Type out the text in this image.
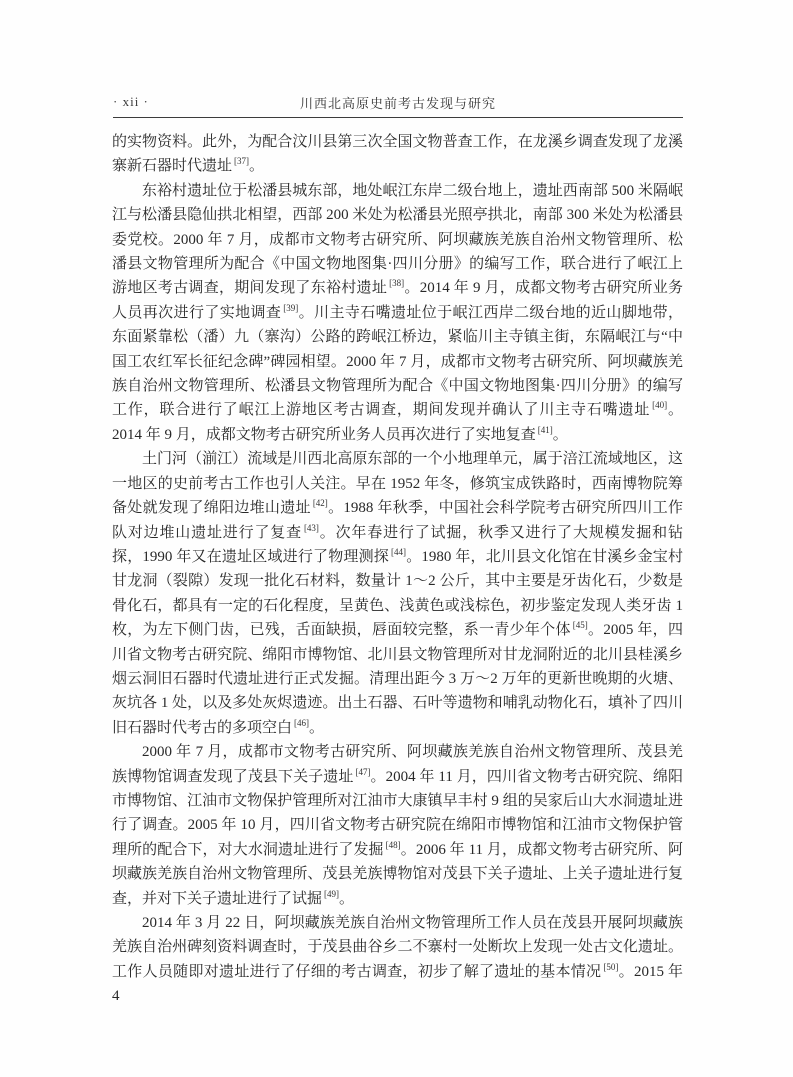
· xii ·	川西北高原史前考古发现与研究

的实物资料。此外，为配合汶川县第三次全国文物普查工作，在龙溪乡调查发现了龙溪寨新石器时代遗址 [37]。

东裕村遗址位于松潘县城东部，地处岷江东岸二级台地上，遗址西南部 500 米隔岷江与松潘县隐仙拱北相望，西部 200 米处为松潘县光照亭拱北，南部 300 米处为松潘县委党校。2000 年 7 月，成都市文物考古研究所、阿坝藏族羌族自治州文物管理所、松潘县文物管理所为配合《中国文物地图集·四川分册》的编写工作，联合进行了岷江上游地区考古调查，期间发现了东裕村遗址 [38]。2014 年 9 月，成都文物考古研究所业务人员再次进行了实地调查 [39]。川主寺石嘴遗址位于岷江西岸二级台地的近山脚地带，东面紧靠松（潘）九（寨沟）公路的跨岷江桥边，紧临川主寺镇主街，东隔岷江与“中国工农红军长征纪念碑”碑园相望。2000 年 7 月，成都市文物考古研究所、阿坝藏族羌族自治州文物管理所、松潘县文物管理所为配合《中国文物地图集·四川分册》的编写工作，联合进行了岷江上游地区考古调查，期间发现并确认了川主寺石嘴遗址 [40]。2014 年 9 月，成都文物考古研究所业务人员再次进行了实地复查 [41]。

土门河（湔江）流域是川西北高原东部的一个小地理单元，属于涪江流域地区，这一地区的史前考古工作也引人关注。早在 1952 年冬，修筑宝成铁路时，西南博物院筹备处就发现了绵阳边堆山遗址 [42]。1988 年秋季，中国社会科学院考古研究所四川工作队对边堆山遗址进行了复查 [43]。次年春进行了试掘，秋季又进行了大规模发掘和钻探，1990 年又在遗址区域进行了物理测探 [44]。1980 年，北川县文化馆在甘溪乡金宝村甘龙洞（裂隙）发现一批化石材料，数量计 1～2 公斤，其中主要是牙齿化石，少数是骨化石，都具有一定的石化程度，呈黄色、浅黄色或浅棕色，初步鉴定发现人类牙齿 1 枚，为左下侧门齿，已残，舌面缺损，唇面较完整，系一青少年个体 [45]。2005 年，四川省文物考古研究院、绵阳市博物馆、北川县文物管理所对甘龙洞附近的北川县桂溪乡烟云洞旧石器时代遗址进行正式发掘。清理出距今 3 万～2 万年的更新世晚期的火塘、灰坑各 1 处，以及多处灰烬遗迹。出土石器、石叶等遗物和哺乳动物化石，填补了四川旧石器时代考古的多项空白 [46]。

2000 年 7 月，成都市文物考古研究所、阿坝藏族羌族自治州文物管理所、茂县羌族博物馆调查发现了茂县下关子遗址 [47]。2004 年 11 月，四川省文物考古研究院、绵阳市博物馆、江油市文物保护管理所对江油市大康镇早丰村 9 组的吴家后山大水洞遗址进行了调查。2005 年 10 月，四川省文物考古研究院在绵阳市博物馆和江油市文物保护管理所的配合下，对大水洞遗址进行了发掘 [48]。2006 年 11 月，成都文物考古研究所、阿坝藏族羌族自治州文物管理所、茂县羌族博物馆对茂县下关子遗址、上关子遗址进行复查，并对下关子遗址进行了试掘 [49]。

2014 年 3 月 22 日，阿坝藏族羌族自治州文物管理所工作人员在茂县开展阿坝藏族羌族自治州碑刻资料调查时，于茂县曲谷乡二不寨村一处断坎上发现一处古文化遗址。工作人员随即对遗址进行了仔细的考古调查，初步了解了遗址的基本情况 [50]。2015 年 4
